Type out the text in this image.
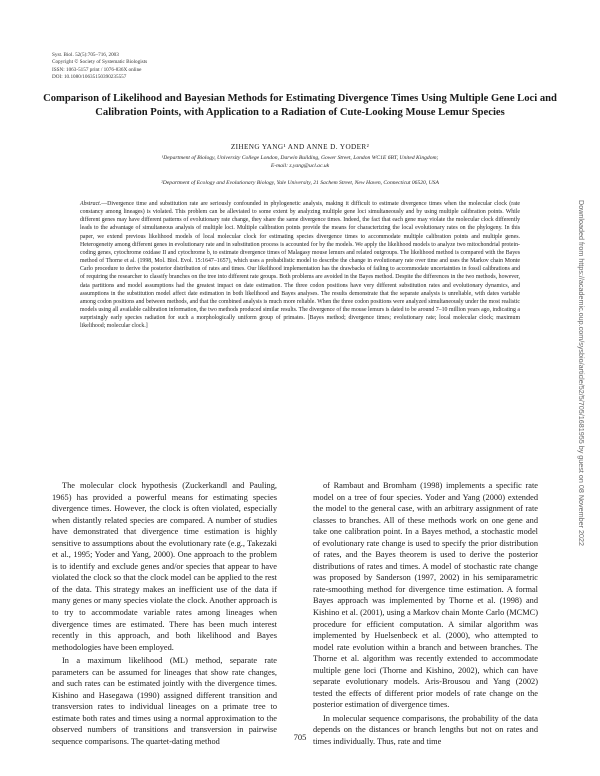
Syst. Biol. 52(5):705–716, 2003
Copyright © Society of Systematic Biologists
ISSN: 1063-5157 print / 1076-836X online
DOI: 10.1080/10635150390235557
Comparison of Likelihood and Bayesian Methods for Estimating Divergence Times Using Multiple Gene Loci and Calibration Points, with Application to a Radiation of Cute-Looking Mouse Lemur Species
ZIHENG YANG¹ AND ANNE D. YODER²
¹Department of Biology, University College London, Darwin Building, Gower Street, London WC1E 6BT, United Kingdom;
E-mail: z.yang@ucl.ac.uk
²Department of Ecology and Evolutionary Biology, Yale University, 21 Sachem Street, New Haven, Connecticut 06520, USA
Abstract.—Divergence time and substitution rate are seriously confounded in phylogenetic analysis, making it difficult to estimate divergence times when the molecular clock (rate constancy among lineages) is violated. This problem can be alleviated to some extent by analyzing multiple gene loci simultaneously and by using multiple calibration points. While different genes may have different patterns of evolutionary rate change, they share the same divergence times. Indeed, the fact that each gene may violate the molecular clock differently leads to the advantage of simultaneous analysis of multiple loci. Multiple calibration points provide the means for characterizing the local evolutionary rates on the phylogeny. In this paper, we extend previous likelihood models of local molecular clock for estimating species divergence times to accommodate multiple calibration points and multiple genes. Heterogeneity among different genes in evolutionary rate and in substitution process is accounted for by the models. We apply the likelihood models to analyze two mitochondrial protein-coding genes, cytochrome oxidase II and cytochrome b, to estimate divergence times of Malagasy mouse lemurs and related outgroups. The likelihood method is compared with the Bayes method of Thorne et al. (1998, Mol. Biol. Evol. 15:1647–1657), which uses a probabilistic model to describe the change in evolutionary rate over time and uses the Markov chain Monte Carlo procedure to derive the posterior distribution of rates and times. Our likelihood implementation has the drawbacks of failing to accommodate uncertainties in fossil calibrations and of requiring the researcher to classify branches on the tree into different rate groups. Both problems are avoided in the Bayes method. Despite the differences in the two methods, however, data partitions and model assumptions had the greatest impact on date estimation. The three codon positions have very different substitution rates and evolutionary dynamics, and assumptions in the substitution model affect date estimation in both likelihood and Bayes analyses. The results demonstrate that the separate analysis is unreliable, with dates variable among codon positions and between methods, and that the combined analysis is much more reliable. When the three codon positions were analyzed simultaneously under the most realistic models using all available calibration information, the two methods produced similar results. The divergence of the mouse lemurs is dated to be around 7–10 million years ago, indicating a surprisingly early species radiation for such a morphologically uniform group of primates. [Bayes method; divergence times; evolutionary rate; local molecular clock; maximum likelihood; molecular clock.]

The molecular clock hypothesis (Zuckerkandl and Pauling, 1965) has provided a powerful means for estimating species divergence times. However, the clock is often violated, especially when distantly related species are compared. A number of studies have demonstrated that divergence time estimation is highly sensitive to assumptions about the evolutionary rate (e.g., Takezaki et al., 1995; Yoder and Yang, 2000). One approach to the problem is to identify and exclude genes and/or species that appear to have violated the clock so that the clock model can be applied to the rest of the data. This strategy makes an inefficient use of the data if many genes or many species violate the clock. Another approach is to try to accommodate variable rates among lineages when divergence times are estimated. There has been much interest recently in this approach, and both likelihood and Bayes methodologies have been employed.

In a maximum likelihood (ML) method, separate rate parameters can be assumed for lineages that show rate changes, and such rates can be estimated jointly with the divergence times. Kishino and Hasegawa (1990) assigned different transition and transversion rates to individual lineages on a primate tree to estimate both rates and times using a normal approximation to the observed numbers of transitions and transversion in pairwise sequence comparisons. The quartet-dating method

of Rambaut and Bromham (1998) implements a specific rate model on a tree of four species. Yoder and Yang (2000) extended the model to the general case, with an arbitrary assignment of rate classes to branches. All of these methods work on one gene and take one calibration point. In a Bayes method, a stochastic model of evolutionary rate change is used to specify the prior distribution of rates, and the Bayes theorem is used to derive the posterior distributions of rates and times. A model of stochastic rate change was proposed by Sanderson (1997, 2002) in his semiparametric rate-smoothing method for divergence time estimation. A formal Bayes approach was implemented by Thorne et al. (1998) and Kishino et al. (2001), using a Markov chain Monte Carlo (MCMC) procedure for efficient computation. A similar algorithm was implemented by Huelsenbeck et al. (2000), who attempted to model rate evolution within a branch and between branches. The Thorne et al. algorithm was recently extended to accommodate multiple gene loci (Thorne and Kishino, 2002), which can have separate evolutionary models. Aris-Brousou and Yang (2002) tested the effects of different prior models of rate change on the posterior estimation of divergence times.

In molecular sequence comparisons, the probability of the data depends on the distances or branch lengths but not on rates and times individually. Thus, rate and time

705
Downloaded from https://academic.oup.com/sysbio/article/52/5/705/1681955 by guest on 08 November 2022
